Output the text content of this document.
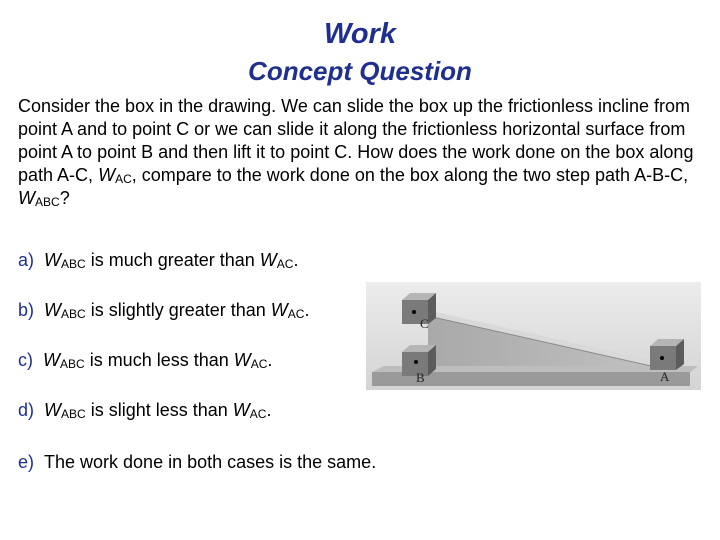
Work
Concept Question

Consider the box in the drawing. We can slide the box up the frictionless incline from point A and to point C or we can slide it along the frictionless horizontal surface from point A to point B and then lift it to point C. How does the work done on the box along path A-C, $W_{AC}$, compare to the work done on the box along the two step path A-B-C, $W_{ABC}$?

a) $W_{ABC}$ is much greater than $W_{AC}$.

b) $W_{ABC}$ is slightly greater than $W_{AC}$.

c) $W_{ABC}$ is much less than $W_{AC}$.

d) $W_{ABC}$ is slight less than $W_{AC}$.

e) The work done in both cases is the same.

C
B	A
